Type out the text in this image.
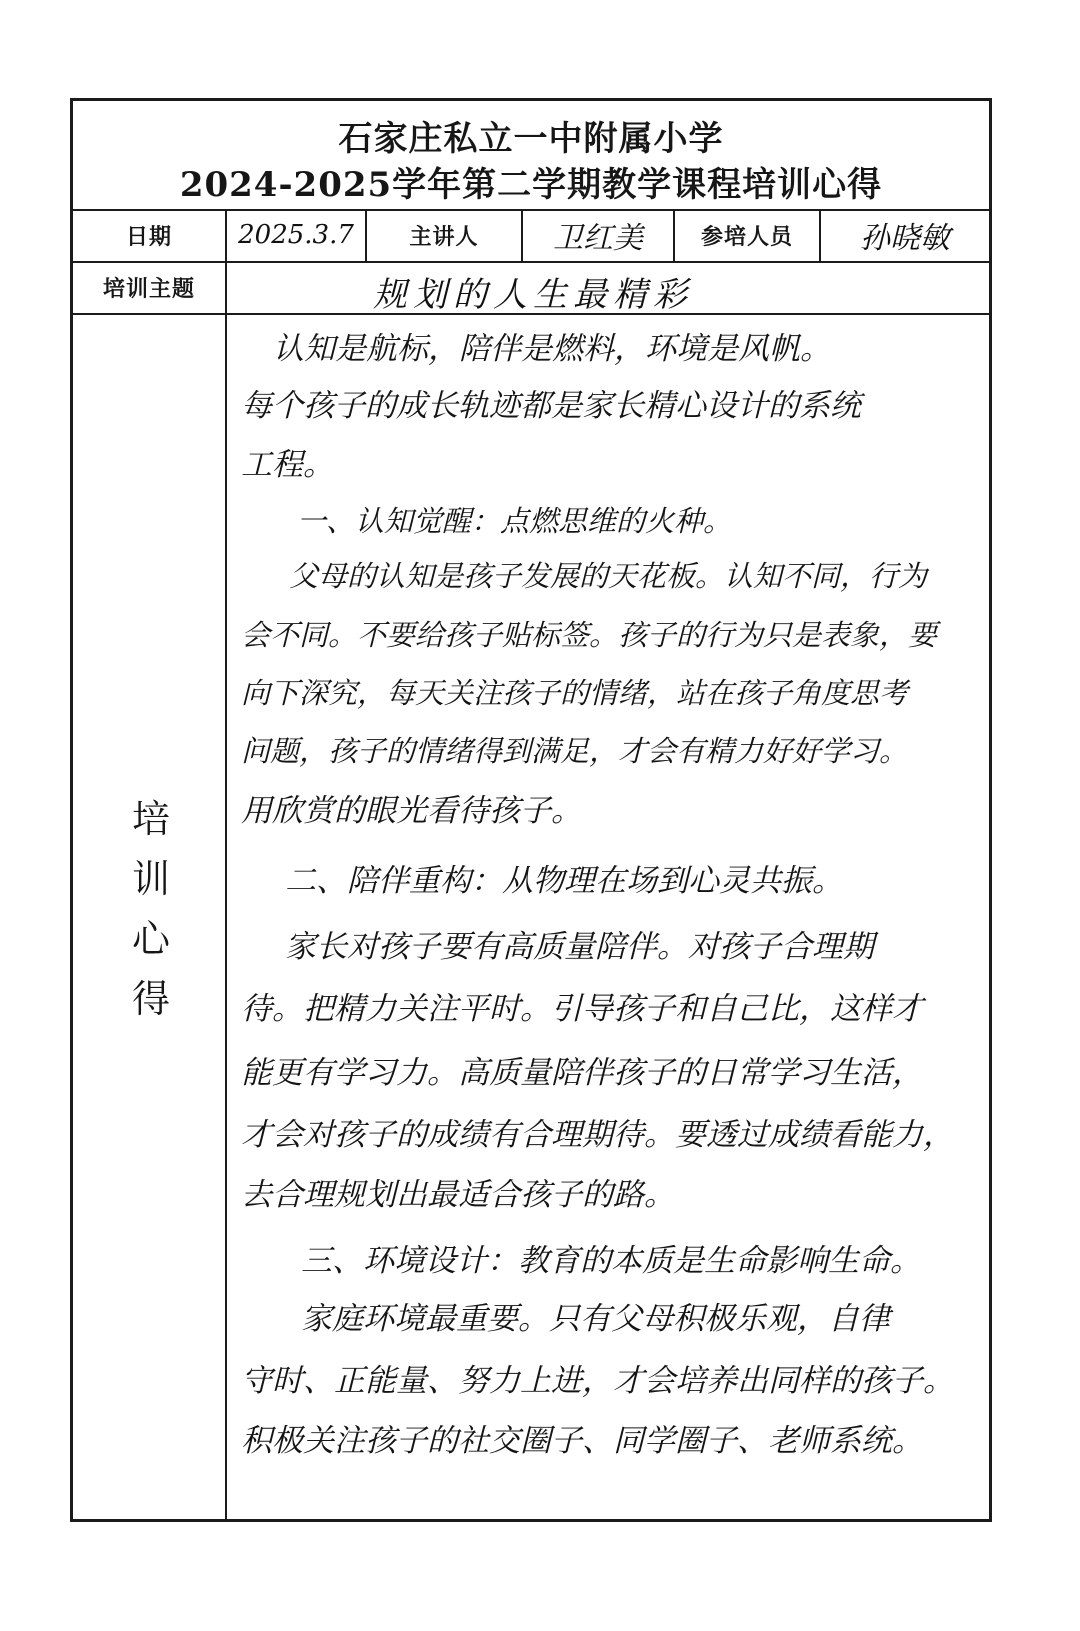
石家庄私立一中附属小学
2024-2025学年第二学期教学课程培训心得
日期	2025.3.7	主讲人 卫红美	参培人员 孙晓敏
培训主题	规划的人生最精彩
培训心得
认知是航标，陪伴是燃料，环境是风帆。
每个孩子的成长轨迹都是家长精心设计的系统
工程。
一、认知觉醒：点燃思维的火种。
父母的认知是孩子发展的天花板。认知不同，行为
会不同。不要给孩子贴标签。孩子的行为只是表象，要
向下深究，每天关注孩子的情绪，站在孩子角度思考
问题，孩子的情绪得到满足，才会有精力好好学习。
用欣赏的眼光看待孩子。
二、陪伴重构：从物理在场到心灵共振。
家长对孩子要有高质量陪伴。对孩子合理期
待。把精力关注平时。引导孩子和自己比，这样才
能更有学习力。高质量陪伴孩子的日常学习生活，
才会对孩子的成绩有合理期待。要透过成绩看能力，
去合理规划出最适合孩子的路。
三、环境设计：教育的本质是生命影响生命。
家庭环境最重要。只有父母积极乐观，自律
守时、正能量、努力上进，才会培养出同样的孩子。
积极关注孩子的社交圈子、同学圈子、老师系统。
